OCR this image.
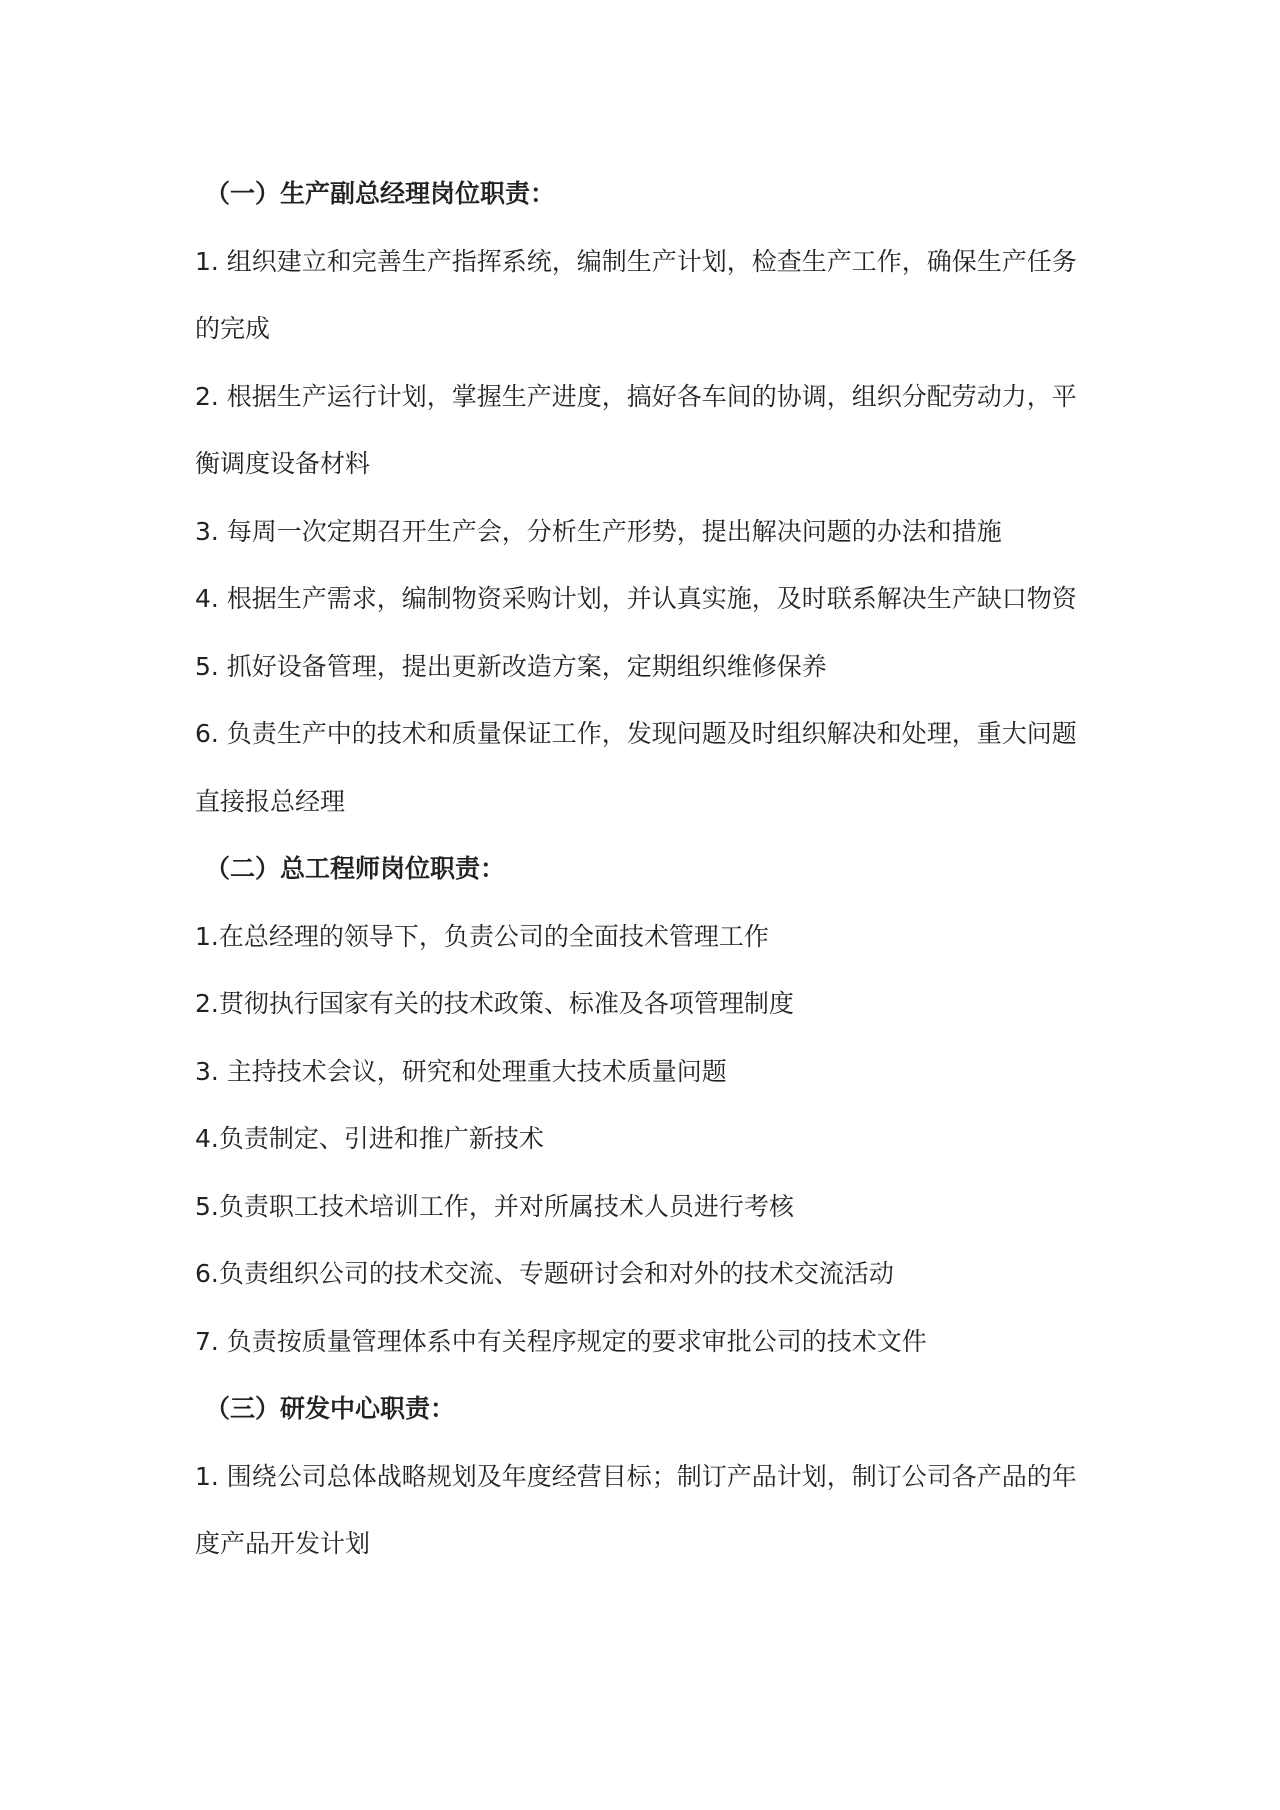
（一）生产副总经理岗位职责：

1. 组织建立和完善生产指挥系统，编制生产计划，检查生产工作，确保生产任务的完成

2. 根据生产运行计划，掌握生产进度，搞好各车间的协调，组织分配劳动力，平衡调度设备材料

3. 每周一次定期召开生产会，分析生产形势，提出解决问题的办法和措施

4. 根据生产需求，编制物资采购计划，并认真实施，及时联系解决生产缺口物资

5. 抓好设备管理，提出更新改造方案，定期组织维修保养

6. 负责生产中的技术和质量保证工作，发现问题及时组织解决和处理，重大问题直接报总经理

（二）总工程师岗位职责：

1.在总经理的领导下，负责公司的全面技术管理工作

2.贯彻执行国家有关的技术政策、标准及各项管理制度

3. 主持技术会议，研究和处理重大技术质量问题

4.负责制定、引进和推广新技术

5.负责职工技术培训工作，并对所属技术人员进行考核

6.负责组织公司的技术交流、专题研讨会和对外的技术交流活动

7. 负责按质量管理体系中有关程序规定的要求审批公司的技术文件

（三）研发中心职责：

1. 围绕公司总体战略规划及年度经营目标；制订产品计划，制订公司各产品的年度产品开发计划
